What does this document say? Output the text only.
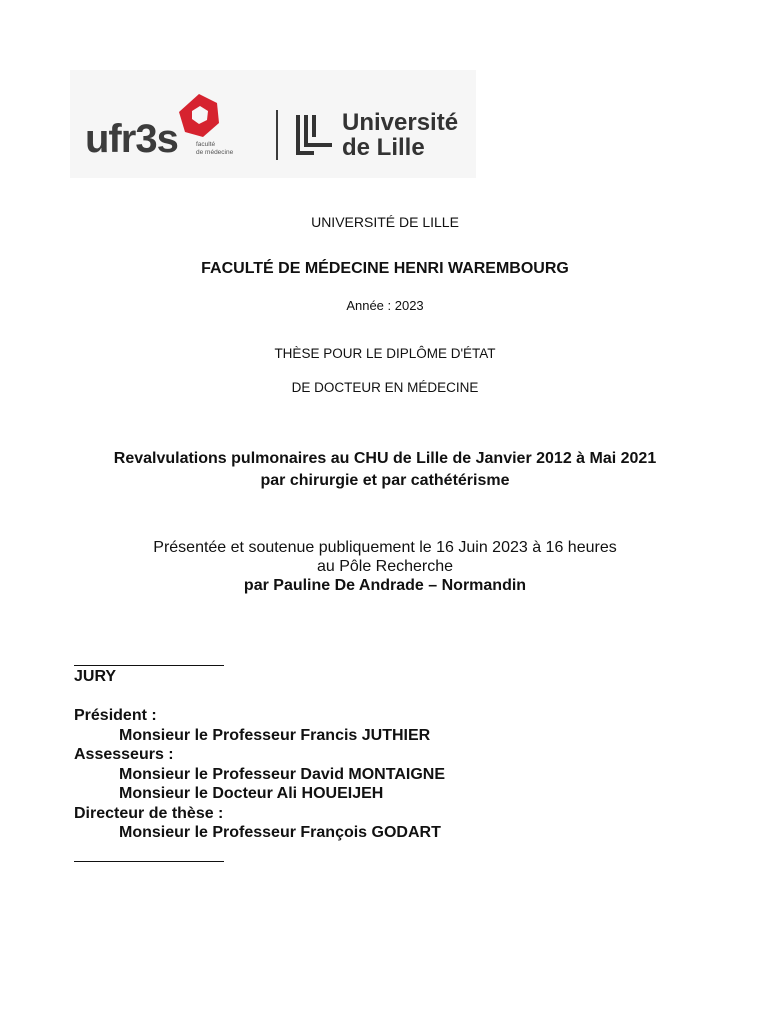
ufr3s	faculté
de médecine
Université
de Lille
UNIVERSITÉ DE LILLE
FACULTÉ DE MÉDECINE HENRI WAREMBOURG
Année : 2023
THÈSE POUR LE DIPLÔME D'ÉTAT
DE DOCTEUR EN MÉDECINE
Revalvulations pulmonaires au CHU de Lille de Janvier 2012 à Mai 2021
par chirurgie et par cathétérisme
Présentée et soutenue publiquement le 16 Juin 2023 à 16 heures
au Pôle Recherche
par Pauline De Andrade – Normandin
JURY
Président :
Monsieur le Professeur Francis JUTHIER
Assesseurs :
Monsieur le Professeur David MONTAIGNE
Monsieur le Docteur Ali HOUEIJEH
Directeur de thèse :
Monsieur le Professeur François GODART
